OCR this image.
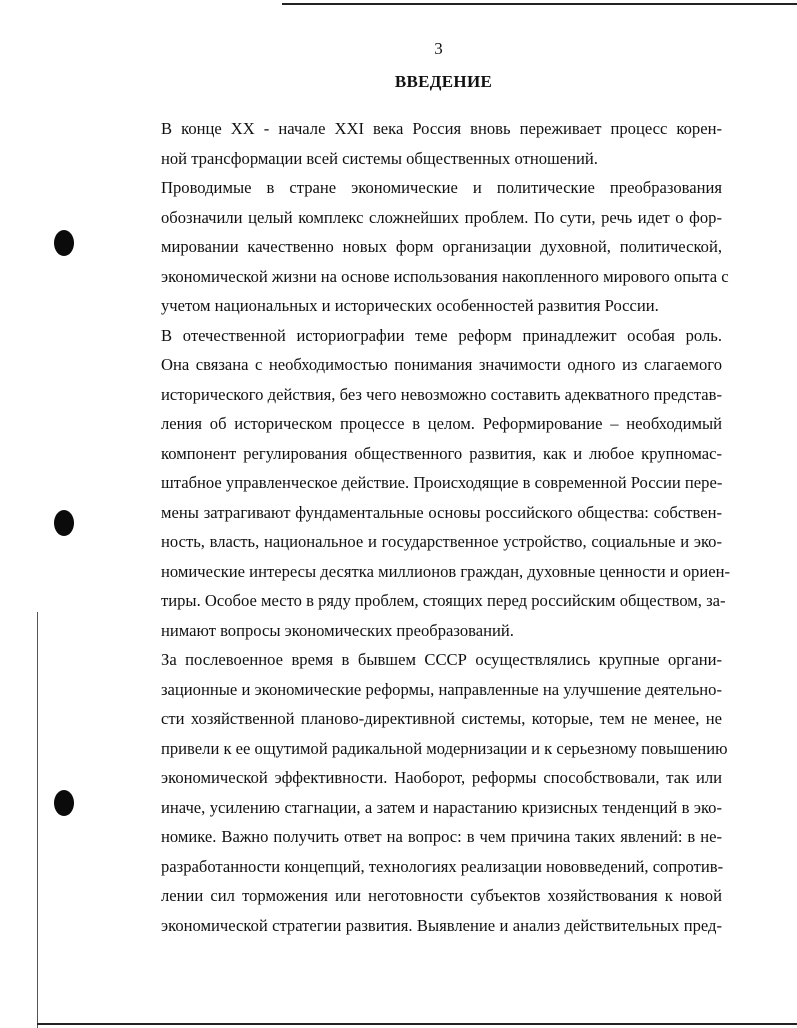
3
ВВЕДЕНИЕ

В конце XX - начале XXI века Россия вновь переживает процесс корен-
ной трансформации всей системы общественных отношений.

Проводимые в стране экономические и политические преобразования
обозначили целый комплекс сложнейших проблем. По сути, речь идет о фор-
мировании качественно новых форм организации духовной, политической,
экономической жизни на основе использования накопленного мирового опыта с
учетом национальных и исторических особенностей развития России.

В отечественной историографии теме реформ принадлежит особая роль.
Она связана с необходимостью понимания значимости одного из слагаемого
исторического действия, без чего невозможно составить адекватного представ-
ления об историческом процессе в целом. Реформирование – необходимый
компонент регулирования общественного развития, как и любое крупномас-
штабное управленческое действие. Происходящие в современной России пере-
мены затрагивают фундаментальные основы российского общества: собствен-
ность, власть, национальное и государственное устройство, социальные и эко-
номические интересы десятка миллионов граждан, духовные ценности и ориен-
тиры. Особое место в ряду проблем, стоящих перед российским обществом, за-
нимают вопросы экономических преобразований.

За послевоенное время в бывшем СССР осуществлялись крупные органи-
зационные и экономические реформы, направленные на улучшение деятельно-
сти хозяйственной планово-директивной системы, которые, тем не менее, не
привели к ее ощутимой радикальной модернизации и к серьезному повышению
экономической эффективности. Наоборот, реформы способствовали, так или
иначе, усилению стагнации, а затем и нарастанию кризисных тенденций в эко-
номике. Важно получить ответ на вопрос: в чем причина таких явлений: в не-
разработанности концепций, технологиях реализации нововведений, сопротив-
лении сил торможения или неготовности субъектов хозяйствования к новой
экономической стратегии развития. Выявление и анализ действительных пред-
